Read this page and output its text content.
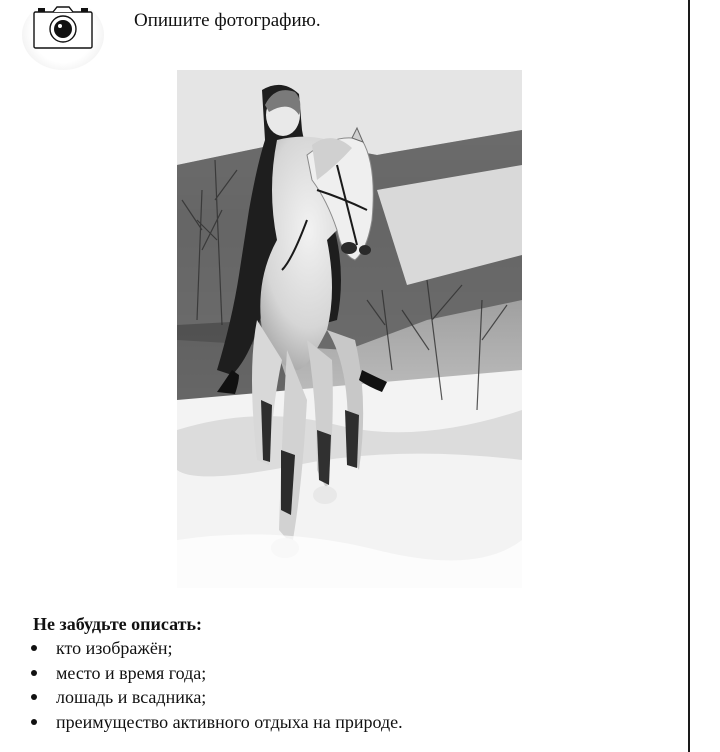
Опишите фотографию.
Не забудьте описать:
кто изображён;
место и время года;
лошадь и всадника;
преимущество активного отдыха на природе.
